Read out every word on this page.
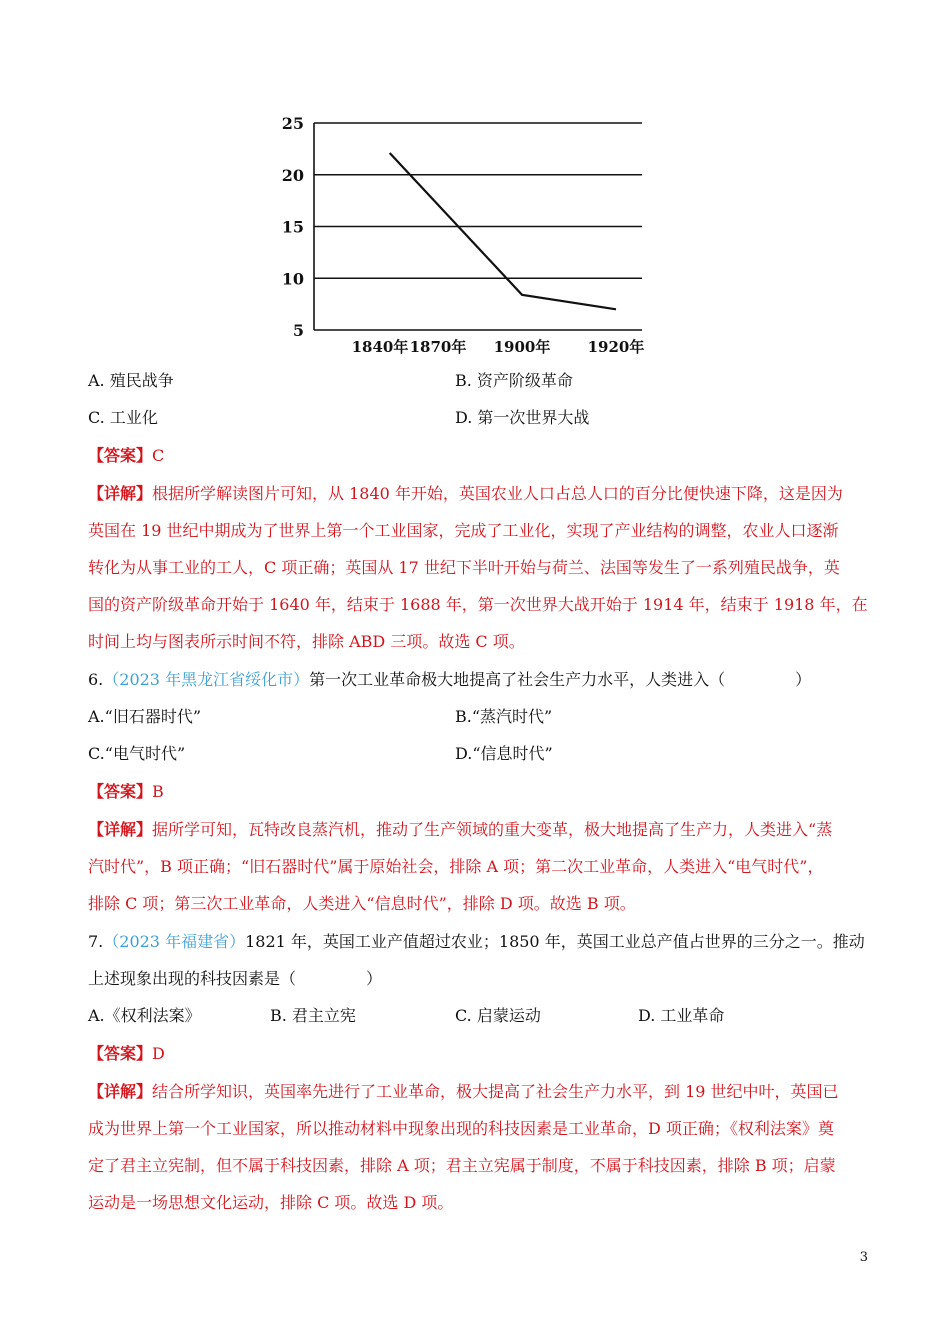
25
20
15
10
5
1840年 1870年 1900年 1920年
A. 殖民战争	B. 资产阶级革命
C. 工业化	D. 第一次世界大战
【答案】C
【详解】根据所学解读图片可知，从 1840 年开始，英国农业人口占总人口的百分比便快速下降，这是因为
英国在 19 世纪中期成为了世界上第一个工业国家，完成了工业化，实现了产业结构的调整，农业人口逐渐
转化为从事工业的工人，C 项正确；英国从 17 世纪下半叶开始与荷兰、法国等发生了一系列殖民战争，英
国的资产阶级革命开始于 1640 年，结束于 1688 年，第一次世界大战开始于 1914 年，结束于 1918 年，在
时间上均与图表所示时间不符，排除 ABD 三项。故选 C 项。
6.（2023 年黑龙江省绥化市）第一次工业革命极大地提高了社会生产力水平，人类进入（	）
A.“旧石器时代”	B.“蒸汽时代”
C.“电气时代”	D.“信息时代”
【答案】B
【详解】据所学可知，瓦特改良蒸汽机，推动了生产领域的重大变革，极大地提高了生产力，人类进入“蒸
汽时代”，B 项正确；“旧石器时代”属于原始社会，排除 A 项；第二次工业革命，人类进入“电气时代”，
排除 C 项；第三次工业革命，人类进入“信息时代”，排除 D 项。故选 B 项。
7.（2023 年福建省）1821 年，英国工业产值超过农业；1850 年，英国工业总产值占世界的三分之一。推动
上述现象出现的科技因素是（	）
A.《权利法案》	B. 君主立宪	C. 启蒙运动	D. 工业革命
【答案】D
【详解】结合所学知识，英国率先进行了工业革命，极大提高了社会生产力水平，到 19 世纪中叶，英国已
成为世界上第一个工业国家，所以推动材料中现象出现的科技因素是工业革命，D 项正确；《权利法案》奠
定了君主立宪制，但不属于科技因素，排除 A 项；君主立宪属于制度，不属于科技因素，排除 B 项；启蒙
运动是一场思想文化运动，排除 C 项。故选 D 项。
3
